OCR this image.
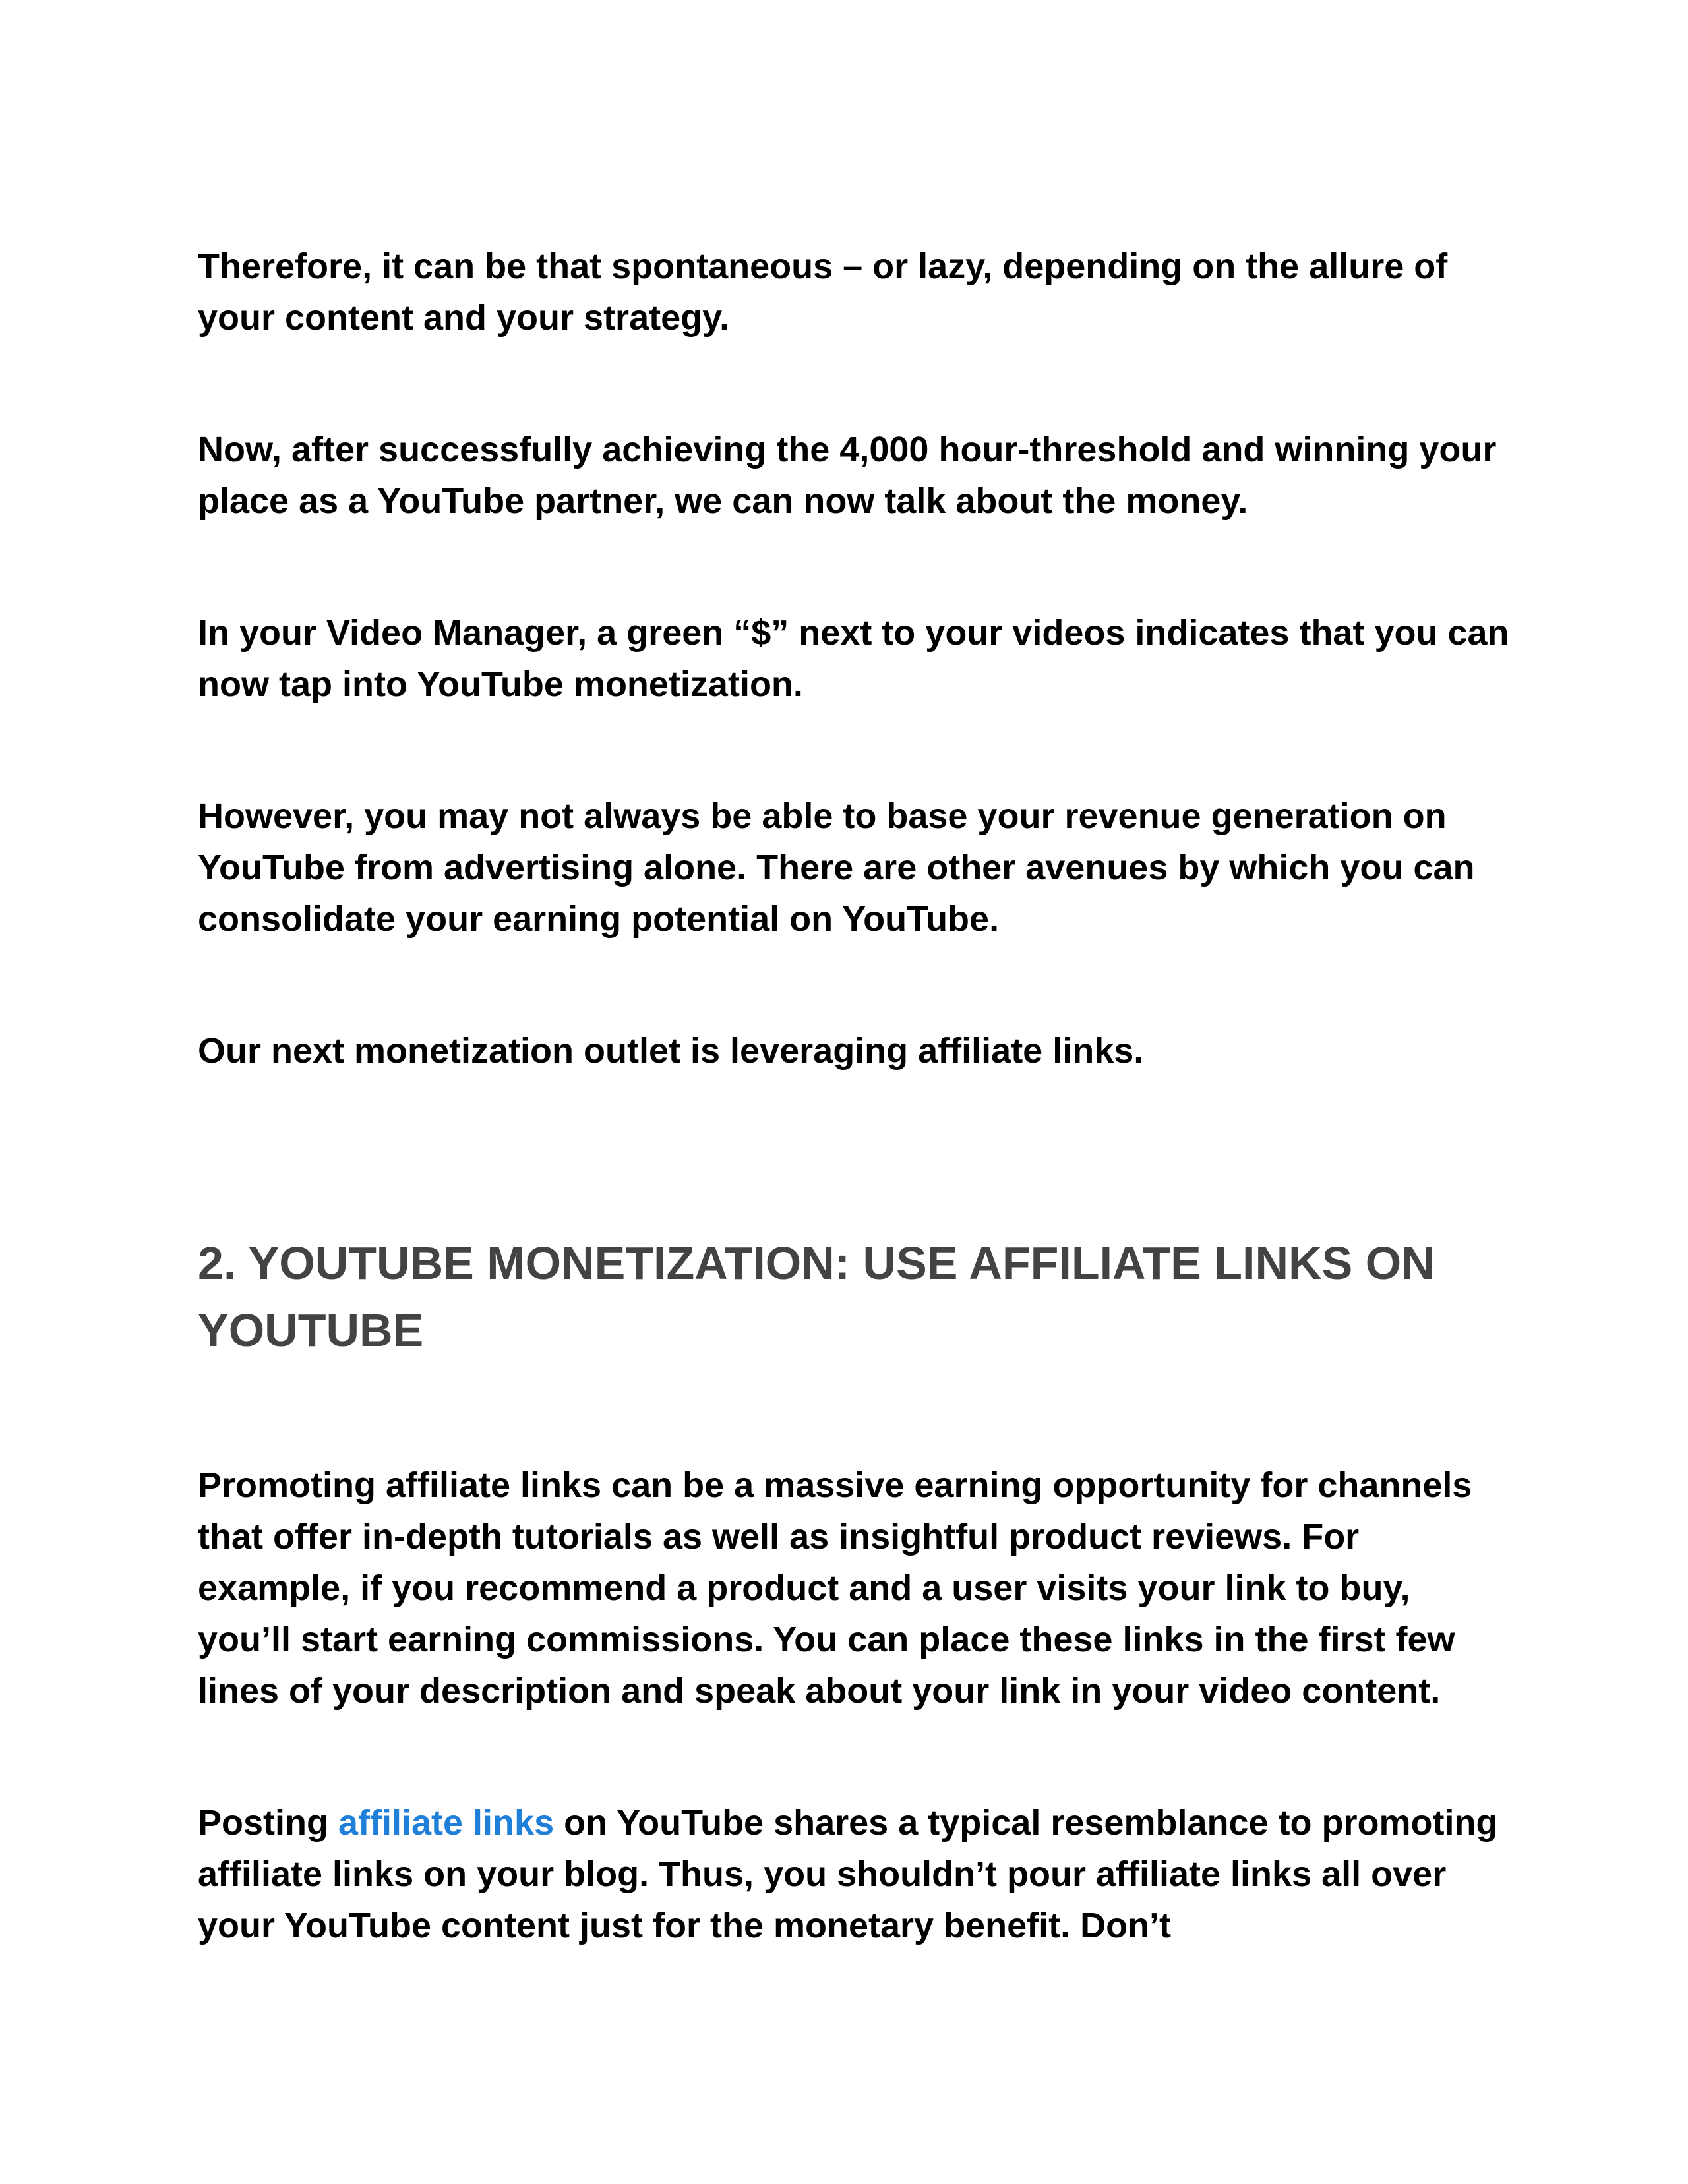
Therefore, it can be that spontaneous – or lazy, depending on the allure of your content and your strategy.

Now, after successfully achieving the 4,000 hour-threshold and winning your place as a YouTube partner, we can now talk about the money.

In your Video Manager, a green “$” next to your videos indicates that you can now tap into YouTube monetization.

However, you may not always be able to base your revenue generation on YouTube from advertising alone. There are other avenues by which you can consolidate your earning potential on YouTube.

Our next monetization outlet is leveraging affiliate links.

2. YOUTUBE MONETIZATION: USE AFFILIATE LINKS ON YOUTUBE

Promoting affiliate links can be a massive earning opportunity for channels that offer in-depth tutorials as well as insightful product reviews. For example, if you recommend a product and a user visits your link to buy, you’ll start earning commissions. You can place these links in the first few lines of your description and speak about your link in your video content.

Posting affiliate links on YouTube shares a typical resemblance to promoting affiliate links on your blog. Thus, you shouldn’t pour affiliate links all over your YouTube content just for the monetary benefit. Don’t
